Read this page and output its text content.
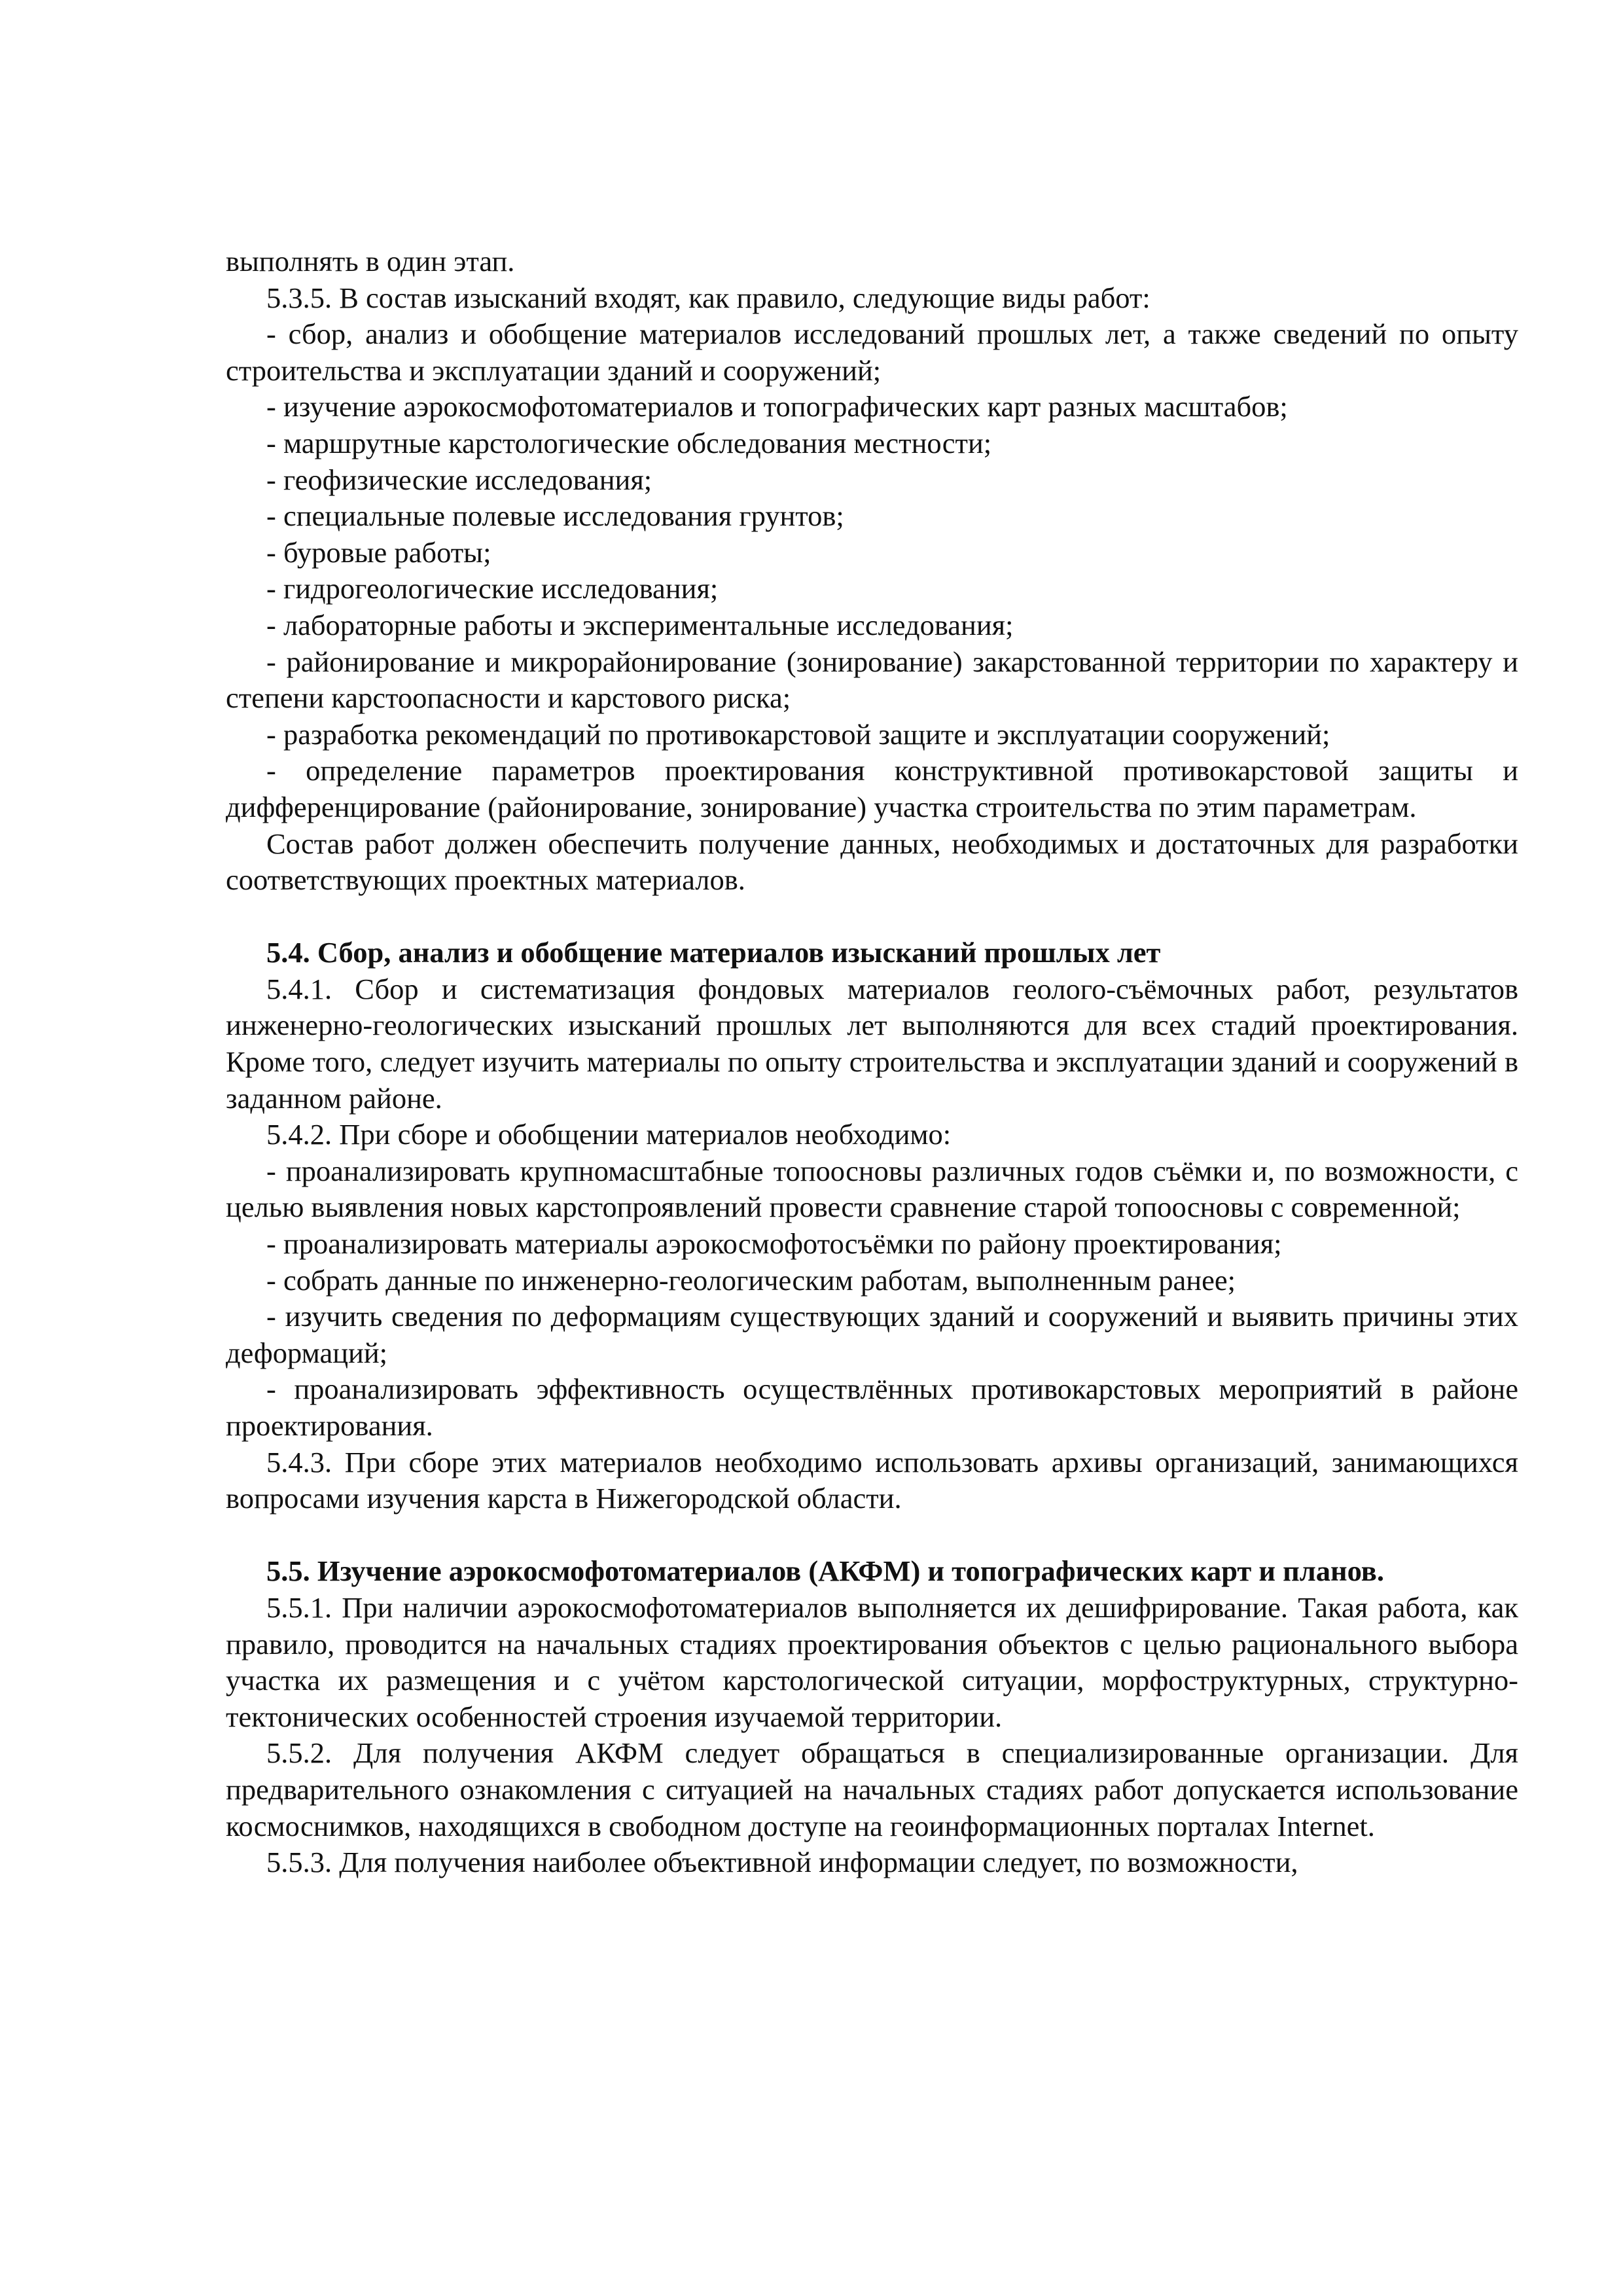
выполнять в один этап.

5.3.5. В состав изысканий входят, как правило, следующие виды работ:

- сбор, анализ и обобщение материалов исследований прошлых лет, а также сведений по опыту строительства и эксплуатации зданий и сооружений;

- изучение аэрокосмофотоматериалов и топографических карт разных масштабов;

- маршрутные карстологические обследования местности;

- геофизические исследования;

- специальные полевые исследования грунтов;

- буровые работы;

- гидрогеологические исследования;

- лабораторные работы и экспериментальные исследования;

- районирование и микрорайонирование (зонирование) закарстованной территории по характеру и степени карстоопасности и карстового риска;

- разработка рекомендаций по противокарстовой защите и эксплуатации сооружений;

- определение параметров проектирования конструктивной противокарстовой защиты и дифференцирование (районирование, зонирование) участка строительства по этим параметрам.

Состав работ должен обеспечить получение данных, необходимых и достаточных для разработки соответствующих проектных материалов.

5.4. Сбор, анализ и обобщение материалов изысканий прошлых лет

5.4.1. Сбор и систематизация фондовых материалов геолого-съёмочных работ, результатов инженерно-геологических изысканий прошлых лет выполняются для всех стадий проектирования. Кроме того, следует изучить материалы по опыту строительства и эксплуатации зданий и сооружений в заданном районе.

5.4.2. При сборе и обобщении материалов необходимо:

- проанализировать крупномасштабные топоосновы различных годов съёмки и, по возможности, с целью выявления новых карстопроявлений провести сравнение старой топоосновы с современной;

- проанализировать материалы аэрокосмофотосъёмки по району проектирования;

- собрать данные по инженерно-геологическим работам, выполненным ранее;

- изучить сведения по деформациям существующих зданий и сооружений и выявить причины этих деформаций;

- проанализировать эффективность осуществлённых противокарстовых мероприятий в районе проектирования.

5.4.3. При сборе этих материалов необходимо использовать архивы организаций, занимающихся вопросами изучения карста в Нижегородской области.

5.5. Изучение аэрокосмофотоматериалов (АКФМ) и топографических карт и планов.

5.5.1. При наличии аэрокосмофотоматериалов выполняется их дешифрирование. Такая работа, как правило, проводится на начальных стадиях проектирования объектов с целью рационального выбора участка их размещения и с учётом карстологической ситуации, морфоструктурных, структурно-тектонических особенностей строения изучаемой территории.

5.5.2. Для получения АКФМ следует обращаться в специализированные организации. Для предварительного ознакомления с ситуацией на начальных стадиях работ допускается использование космоснимков, находящихся в свободном доступе на геоинформационных порталах Internet.

5.5.3. Для получения наиболее объективной информации следует, по возможности,
